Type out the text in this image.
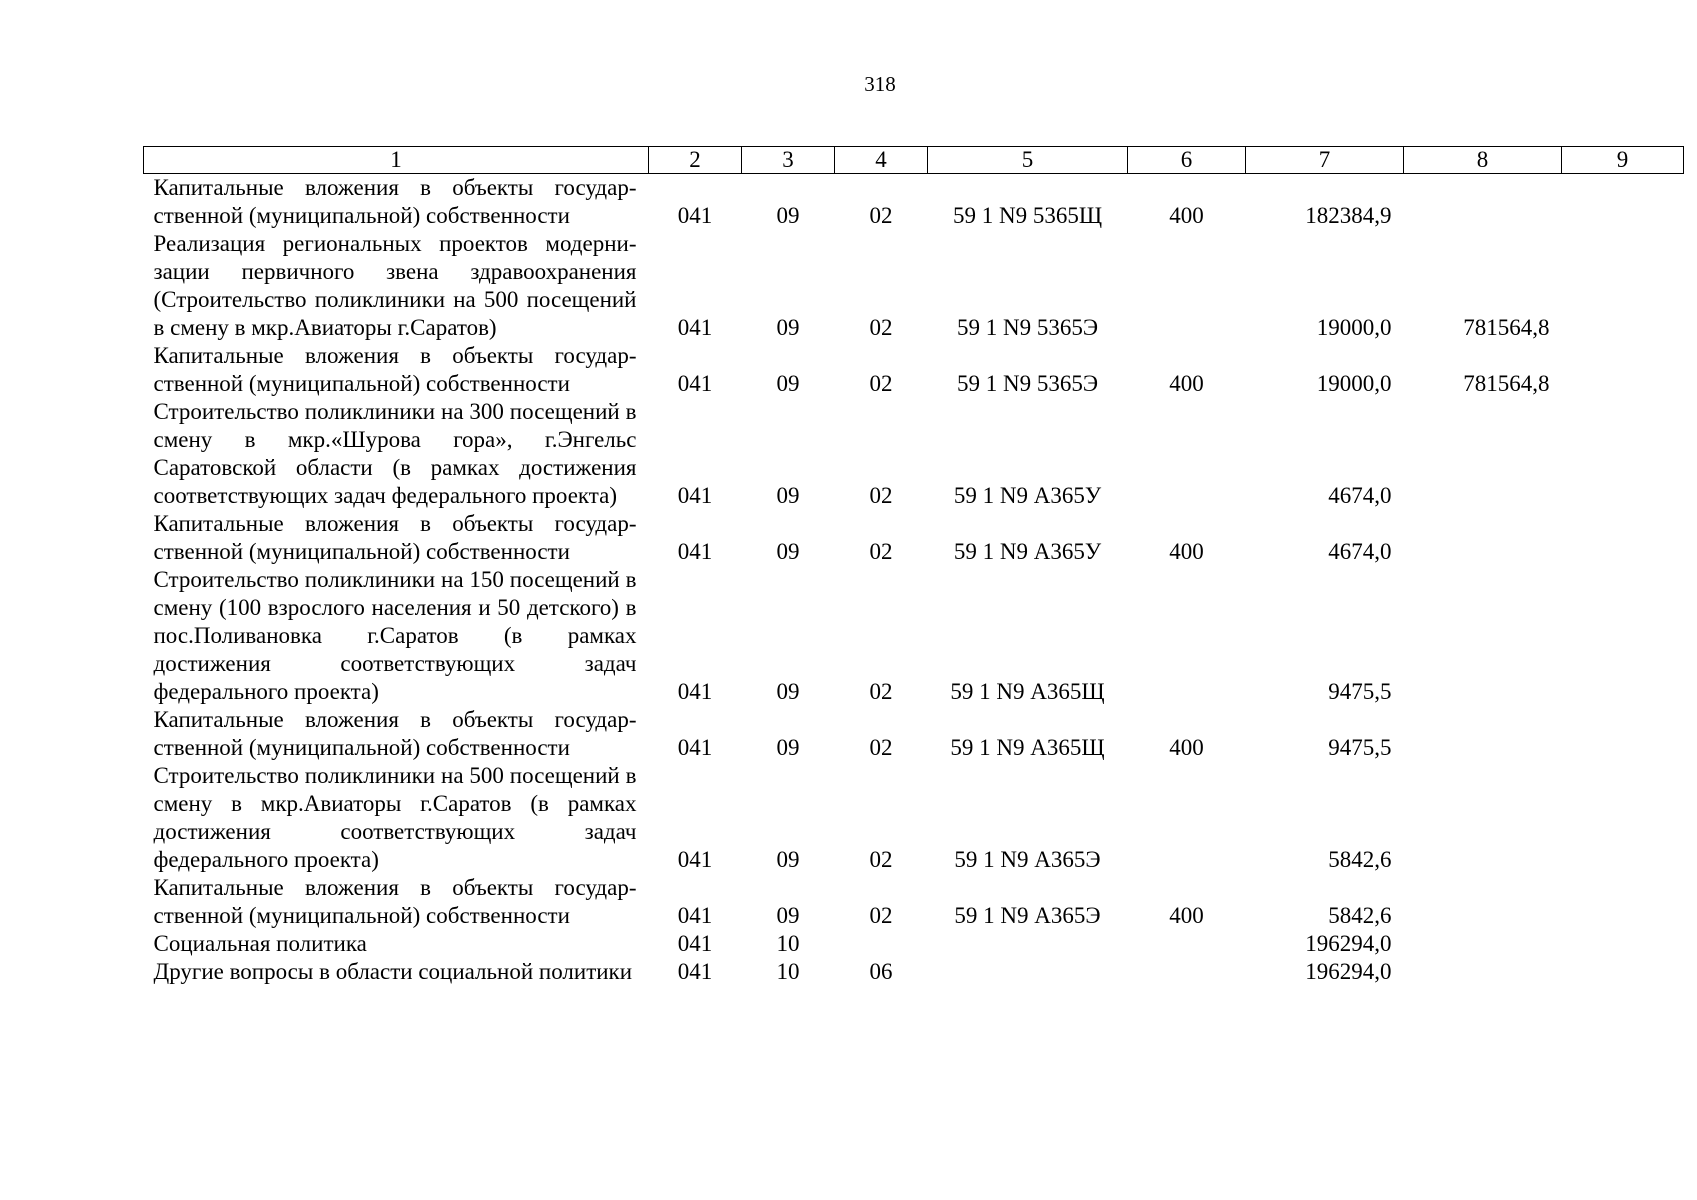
318
1	2	3	4	5	6	7	8	9
Капитальные вложения в объекты государственной (муниципальной) собственности	041	09	02	59 1 N9 5365Щ	400	182384,9		
Реализация региональных проектов модернизации первичного звена здравоохранения (Строительство поликлиники на 500 посещений в смену в мкр.Авиаторы г.Саратов)	041	09	02	59 1 N9 5365Э		19000,0	781564,8	
Капитальные вложения в объекты государственной (муниципальной) собственности	041	09	02	59 1 N9 5365Э	400	19000,0	781564,8	
Строительство поликлиники на 300 посещений в смену в мкр.«Шурова гора», г.Энгельс Саратовской области (в рамках достижения соответствующих задач федерального проекта)	041	09	02	59 1 N9 А365У		4674,0		
Капитальные вложения в объекты государственной (муниципальной) собственности	041	09	02	59 1 N9 А365У	400	4674,0		
Строительство поликлиники на 150 посещений в смену (100 взрослого населения и 50 детского) в пос.Поливановка г.Саратов (в рамках достижения соответствующих задач федерального проекта)	041	09	02	59 1 N9 А365Щ		9475,5		
Капитальные вложения в объекты государственной (муниципальной) собственности	041	09	02	59 1 N9 А365Щ	400	9475,5		
Строительство поликлиники на 500 посещений в смену в мкр.Авиаторы г.Саратов (в рамках достижения соответствующих задач федерального проекта)	041	09	02	59 1 N9 А365Э		5842,6		
Капитальные вложения в объекты государственной (муниципальной) собственности	041	09	02	59 1 N9 А365Э	400	5842,6		
Социальная политика	041	10				196294,0		
Другие вопросы в области социальной политики	041	10	06			196294,0		
